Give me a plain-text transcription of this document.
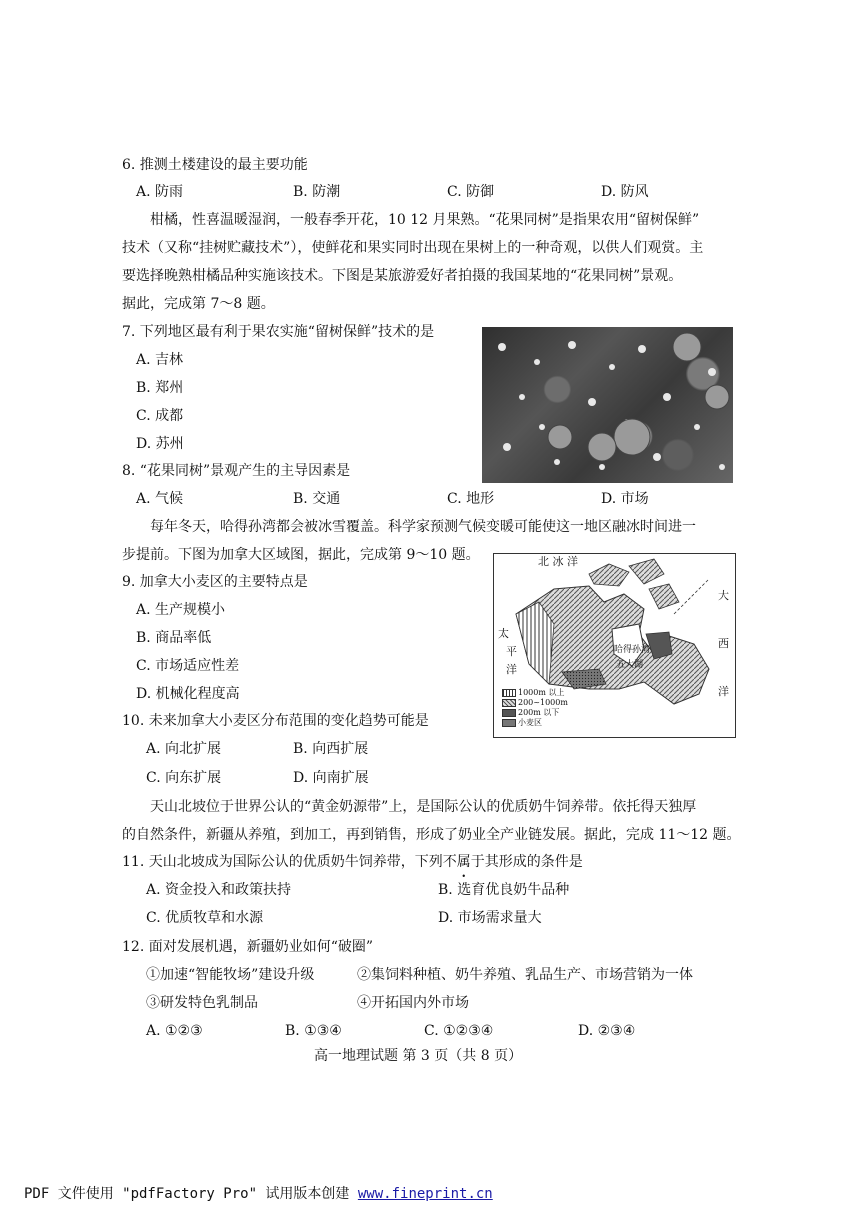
6. 推测土楼建设的最主要功能
A. 防雨	B. 防潮	C. 防御	D. 防风
柑橘，性喜温暖湿润，一般春季开花，10 12 月果熟。“花果同树”是指果农用“留树保鲜”
技术（又称“挂树贮藏技术”），使鲜花和果实同时出现在果树上的一种奇观，以供人们观赏。主
要选择晚熟柑橘品种实施该技术。下图是某旅游爱好者拍摄的我国某地的“花果同树”景观。
据此，完成第 7～8 题。
7. 下列地区最有利于果农实施“留树保鲜”技术的是
A. 吉林
B. 郑州
C. 成都
D. 苏州
8. “花果同树”景观产生的主导因素是
A. 气候	B. 交通	C. 地形	D. 市场
每年冬天，哈得孙湾都会被冰雪覆盖。科学家预测气候变暖可能使这一地区融冰时间进一
步提前。下图为加拿大区域图，据此，完成第 9～10 题。	北 冰 洋
大
西
洋
太
平
洋
哈得孙湾
五大湖
1000m 以上
200~1000m
200m 以下
小麦区
9. 加拿大小麦区的主要特点是
A. 生产规模小
B. 商品率低
C. 市场适应性差
D. 机械化程度高
10. 未来加拿大小麦区分布范围的变化趋势可能是
A. 向北扩展	B. 向西扩展
C. 向东扩展	D. 向南扩展
天山北坡位于世界公认的“黄金奶源带”上，是国际公认的优质奶牛饲养带。依托得天独厚
的自然条件，新疆从养殖，到加工，再到销售，形成了奶业全产业链发展。据此，完成 11～12 题。
11. 天山北坡成为国际公认的优质奶牛饲养带，下列不属于其形成的条件是
A. 资金投入和政策扶持	B. 选育优良奶牛品种
C. 优质牧草和水源	D. 市场需求量大
12. 面对发展机遇，新疆奶业如何“破圈”
①加速“智能牧场”建设升级	②集饲料种植、奶牛养殖、乳品生产、市场营销为一体
③研发特色乳制品	④开拓国内外市场
A. ①②③	B. ①③④	C. ①②③④	D. ②③④
高一地理试题 第 3 页（共 8 页）
PDF 文件使用 "pdfFactory Pro" 试用版本创建 www.fineprint.cn
